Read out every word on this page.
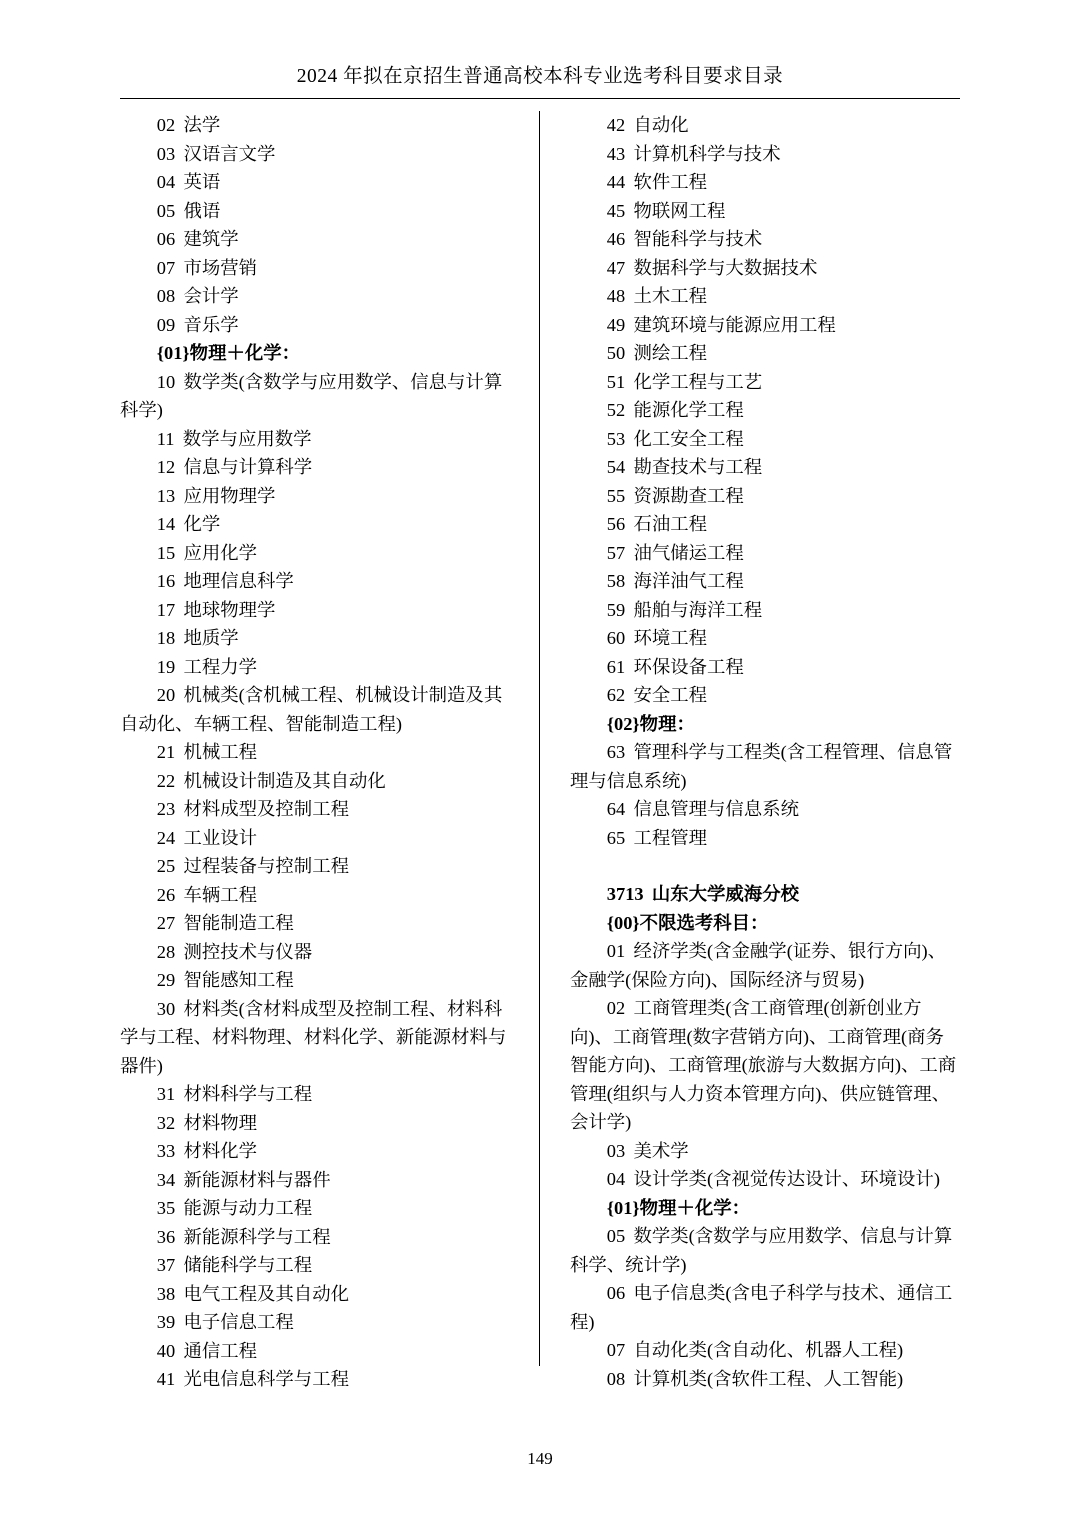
2024 年拟在京招生普通高校本科专业选考科目要求目录
02 法学
03 汉语言文学
04 英语
05 俄语
06 建筑学
07 市场营销
08 会计学
09 音乐学
{01}物理＋化学：
10 数学类(含数学与应用数学、信息与计算科学)
11 数学与应用数学
12 信息与计算科学
13 应用物理学
14 化学
15 应用化学
16 地理信息科学
17 地球物理学
18 地质学
19 工程力学
20 机械类(含机械工程、机械设计制造及其自动化、车辆工程、智能制造工程)
21 机械工程
22 机械设计制造及其自动化
23 材料成型及控制工程
24 工业设计
25 过程装备与控制工程
26 车辆工程
27 智能制造工程
28 测控技术与仪器
29 智能感知工程
30 材料类(含材料成型及控制工程、材料科学与工程、材料物理、材料化学、新能源材料与器件)
31 材料科学与工程
32 材料物理
33 材料化学
34 新能源材料与器件
35 能源与动力工程
36 新能源科学与工程
37 储能科学与工程
38 电气工程及其自动化
39 电子信息工程
40 通信工程
41 光电信息科学与工程
42 自动化
43 计算机科学与技术
44 软件工程
45 物联网工程
46 智能科学与技术
47 数据科学与大数据技术
48 土木工程
49 建筑环境与能源应用工程
50 测绘工程
51 化学工程与工艺
52 能源化学工程
53 化工安全工程
54 勘查技术与工程
55 资源勘查工程
56 石油工程
57 油气储运工程
58 海洋油气工程
59 船舶与海洋工程
60 环境工程
61 环保设备工程
62 安全工程
{02}物理：
63 管理科学与工程类(含工程管理、信息管理与信息系统)
64 信息管理与信息系统
65 工程管理
3713 山东大学威海分校
{00}不限选考科目：
01 经济学类(含金融学(证券、银行方向)、金融学(保险方向)、国际经济与贸易)
02 工商管理类(含工商管理(创新创业方向)、工商管理(数字营销方向)、工商管理(商务智能方向)、工商管理(旅游与大数据方向)、工商管理(组织与人力资本管理方向)、供应链管理、会计学)
03 美术学
04 设计学类(含视觉传达设计、环境设计)
{01}物理＋化学：
05 数学类(含数学与应用数学、信息与计算科学、统计学)
06 电子信息类(含电子科学与技术、通信工程)
07 自动化类(含自动化、机器人工程)
08 计算机类(含软件工程、人工智能)
149
